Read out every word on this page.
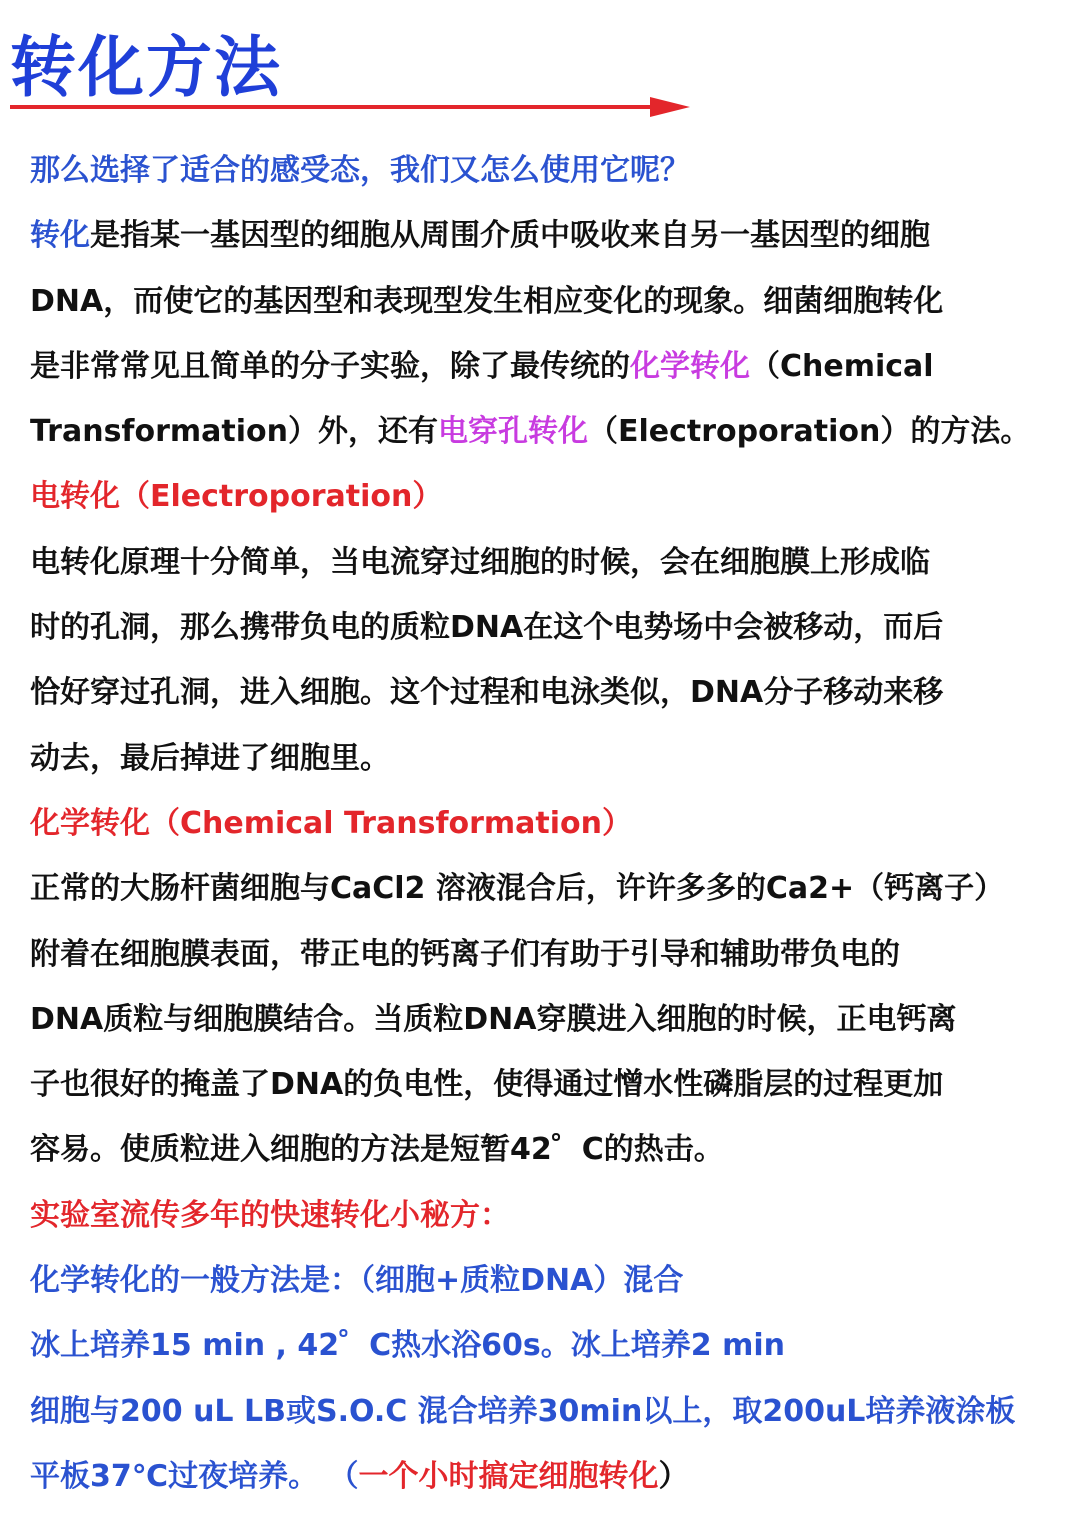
转化方法
那么选择了适合的感受态，我们又怎么使用它呢？
转化是指某一基因型的细胞从周围介质中吸收来自另一基因型的细胞
DNA，而使它的基因型和表现型发生相应变化的现象。细菌细胞转化
是非常常见且简单的分子实验，除了最传统的化学转化（Chemical
Transformation）外，还有电穿孔转化（Electroporation）的方法。
电转化（Electroporation）
电转化原理十分简单，当电流穿过细胞的时候，会在细胞膜上形成临
时的孔洞，那么携带负电的质粒DNA在这个电势场中会被移动，而后
恰好穿过孔洞，进入细胞。这个过程和电泳类似，DNA分子移动来移
动去，最后掉进了细胞里。
化学转化（Chemical Transformation）
正常的大肠杆菌细胞与CaCl2 溶液混合后，许许多多的Ca2+（钙离子）
附着在细胞膜表面，带正电的钙离子们有助于引导和辅助带负电的
DNA质粒与细胞膜结合。当质粒DNA穿膜进入细胞的时候，正电钙离
子也很好的掩盖了DNA的负电性，使得通过憎水性磷脂层的过程更加
容易。使质粒进入细胞的方法是短暂42゜C的热击。
实验室流传多年的快速转化小秘方：
化学转化的一般方法是：（细胞+质粒DNA）混合
冰上培养15 min , 42゜C热水浴60s。冰上培养2 min
细胞与200 uL LB或S.O.C 混合培养30min以上，取200uL培养液涂板
平板37℃过夜培养。 （一个小时搞定细胞转化）
